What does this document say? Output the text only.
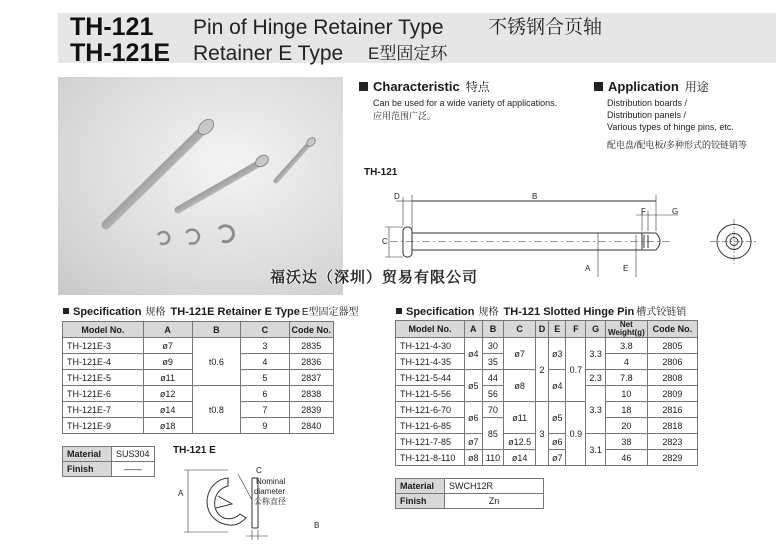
TH-121 Pin of Hinge Retainer Type 不锈钢合页轴
TH-121E Retainer E Type E型固定环
Characteristic 特点
Can be used for a wide variety of applications.
应用范围广泛。
Application 用途
Distribution boards /
Distribution panels /
Various types of hinge pins, etc.
配电盘/配电板/多种形式的铰链销等
TH-121
D	B
F	G
C
A	E
福沃达（深圳）贸易有限公司
Specification 规格 TH-121E Retainer E Type E型固定器型
Model No.	A	B	C	Code No.
TH-121E-3	ø7	t0.6	3	2835
TH-121E-4	ø9		4	2836
TH-121E-5	ø11		5	2837
TH-121E-6	ø12	t0.8	6	2838
TH-121E-7	ø14		7	2839
TH-121E-9	ø18		9	2840
Material	SUS304
Finish	——
TH-121 E
C
Nominal
diameter
公称直径
A
B
Specification 规格 TH-121 Slotted Hinge Pin 槽式铰链销
Model No.	A	B	C	D	E	F	G	Net Weight(g)	Code No.
TH-121-4-30	ø4	30	ø7	2	ø3	0.7	3.3	3.8	2805
TH-121-4-35		35						4	2806
TH-121-5-44	ø5	44	ø8		ø4		2.3	7.8	2808
TH-121-5-56		56					3.3	10	2809
TH-121-6-70	ø6	70	ø11	3	ø5	0.9		18	2816
TH-121-6-85		85						20	2818
TH-121-7-85	ø7		ø12.5		ø6		3.1	38	2823
TH-121-8-110	ø8	110	ø14		ø7			46	2829
Material	SWCH12R
Finish	Zn
